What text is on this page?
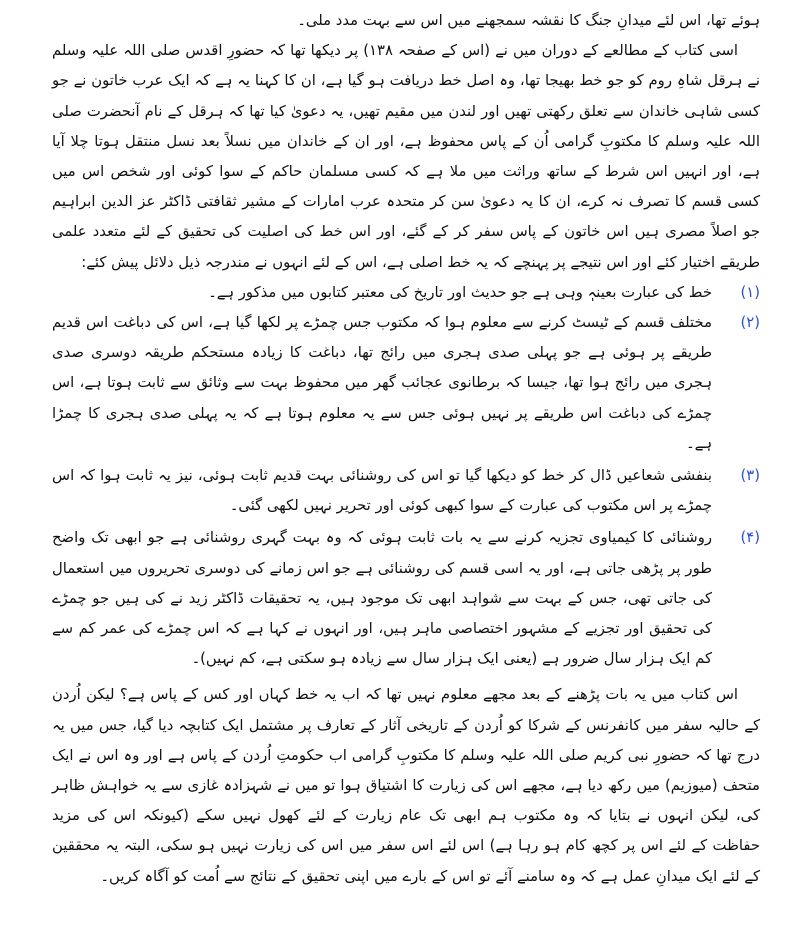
ہوئے تھا، اس لئے میدانِ جنگ کا نقشہ سمجھنے میں اس سے بہت مدد ملی۔

اسی کتاب کے مطالعے کے دوران میں نے (اس کے صفحہ ۱۳۸) پر دیکھا تھا کہ حضورِ اقدس صلی اللہ علیہ وسلم نے ہرقل شاہِ روم کو جو خط بھیجا تھا، وہ اصل خط دریافت ہو گیا ہے، ان کا کہنا یہ ہے کہ ایک عرب خاتون نے جو کسی شاہی خاندان سے تعلق رکھتی تھیں اور لندن میں مقیم تھیں، یہ دعویٰ کیا تھا کہ ہرقل کے نام آنحضرت صلی اللہ علیہ وسلم کا مکتوبِ گرامی اُن کے پاس محفوظ ہے، اور ان کے خاندان میں نسلاً بعد نسل منتقل ہوتا چلا آیا ہے، اور انہیں اس شرط کے ساتھ وراثت میں ملا ہے کہ کسی مسلمان حاکم کے سوا کوئی اور شخص اس میں کسی قسم کا تصرف نہ کرے، ان کا یہ دعویٰ سن کر متحدہ عرب امارات کے مشیر ثقافتی ڈاکٹر عز الدین ابراہیم جو اصلاً مصری ہیں اس خاتون کے پاس سفر کر کے گئے، اور اس خط کی اصلیت کی تحقیق کے لئے متعدد علمی طریقے اختیار کئے اور اس نتیجے پر پہنچے کہ یہ خط اصلی ہے، اس کے لئے انہوں نے مندرجہ ذیل دلائل پیش کئے:

(۱)
خط کی عبارت بعینہٖ وہی ہے جو حدیث اور تاریخ کی معتبر کتابوں میں مذکور ہے۔
(۲)
مختلف قسم کے ٹیسٹ کرنے سے معلوم ہوا کہ مکتوب جس چمڑے پر لکھا گیا ہے، اس کی دباغت اس قدیم طریقے پر ہوئی ہے جو پہلی صدی ہجری میں رائج تھا، دباغت کا زیادہ مستحکم طریقہ دوسری صدی ہجری میں رائج ہوا تھا، جیسا کہ برطانوی عجائب گھر میں محفوظ بہت سے وثائق سے ثابت ہوتا ہے، اس چمڑے کی دباغت اس طریقے پر نہیں ہوئی جس سے یہ معلوم ہوتا ہے کہ یہ پہلی صدی ہجری کا چمڑا ہے۔
(۳)
بنفشی شعاعیں ڈال کر خط کو دیکھا گیا تو اس کی روشنائی بہت قدیم ثابت ہوئی، نیز یہ ثابت ہوا کہ اس چمڑے پر اس مکتوب کی عبارت کے سوا کبھی کوئی اور تحریر نہیں لکھی گئی۔
(۴)
روشنائی کا کیمیاوی تجزیہ کرنے سے یہ بات ثابت ہوئی کہ وہ بہت گہری روشنائی ہے جو ابھی تک واضح طور پر پڑھی جاتی ہے، اور یہ اسی قسم کی روشنائی ہے جو اس زمانے کی دوسری تحریروں میں استعمال کی جاتی تھی، جس کے بہت سے شواہد ابھی تک موجود ہیں، یہ تحقیقات ڈاکٹر زید نے کی ہیں جو چمڑے کی تحقیق اور تجزیے کے مشہور اختصاصی ماہر ہیں، اور انہوں نے کہا ہے کہ اس چمڑے کی عمر کم سے کم ایک ہزار سال ضرور ہے (یعنی ایک ہزار سال سے زیادہ ہو سکتی ہے، کم نہیں)۔

اس کتاب میں یہ بات پڑھنے کے بعد مجھے معلوم نہیں تھا کہ اب یہ خط کہاں اور کس کے پاس ہے؟ لیکن اُردن کے حالیہ سفر میں کانفرنس کے شرکا کو اُردن کے تاریخی آثار کے تعارف پر مشتمل ایک کتابچہ دیا گیا، جس میں یہ درج تھا کہ حضورِ نبی کریم صلی اللہ علیہ وسلم کا مکتوبِ گرامی اب حکومتِ اُردن کے پاس ہے اور وہ اس نے ایک متحف (میوزیم) میں رکھ دیا ہے، مجھے اس کی زیارت کا اشتیاق ہوا تو میں نے شہزادہ غازی سے یہ خواہش ظاہر کی، لیکن انہوں نے بتایا کہ وہ مکتوب ہم ابھی تک عام زیارت کے لئے کھول نہیں سکے (کیونکہ اس کی مزید حفاظت کے لئے اس پر کچھ کام ہو رہا ہے) اس لئے اس سفر میں اس کی زیارت نہیں ہو سکی، البتہ یہ محققین کے لئے ایک میدانِ عمل ہے کہ وہ سامنے آئے تو اس کے بارے میں اپنی تحقیق کے نتائج سے اُمت کو آگاہ کریں۔
